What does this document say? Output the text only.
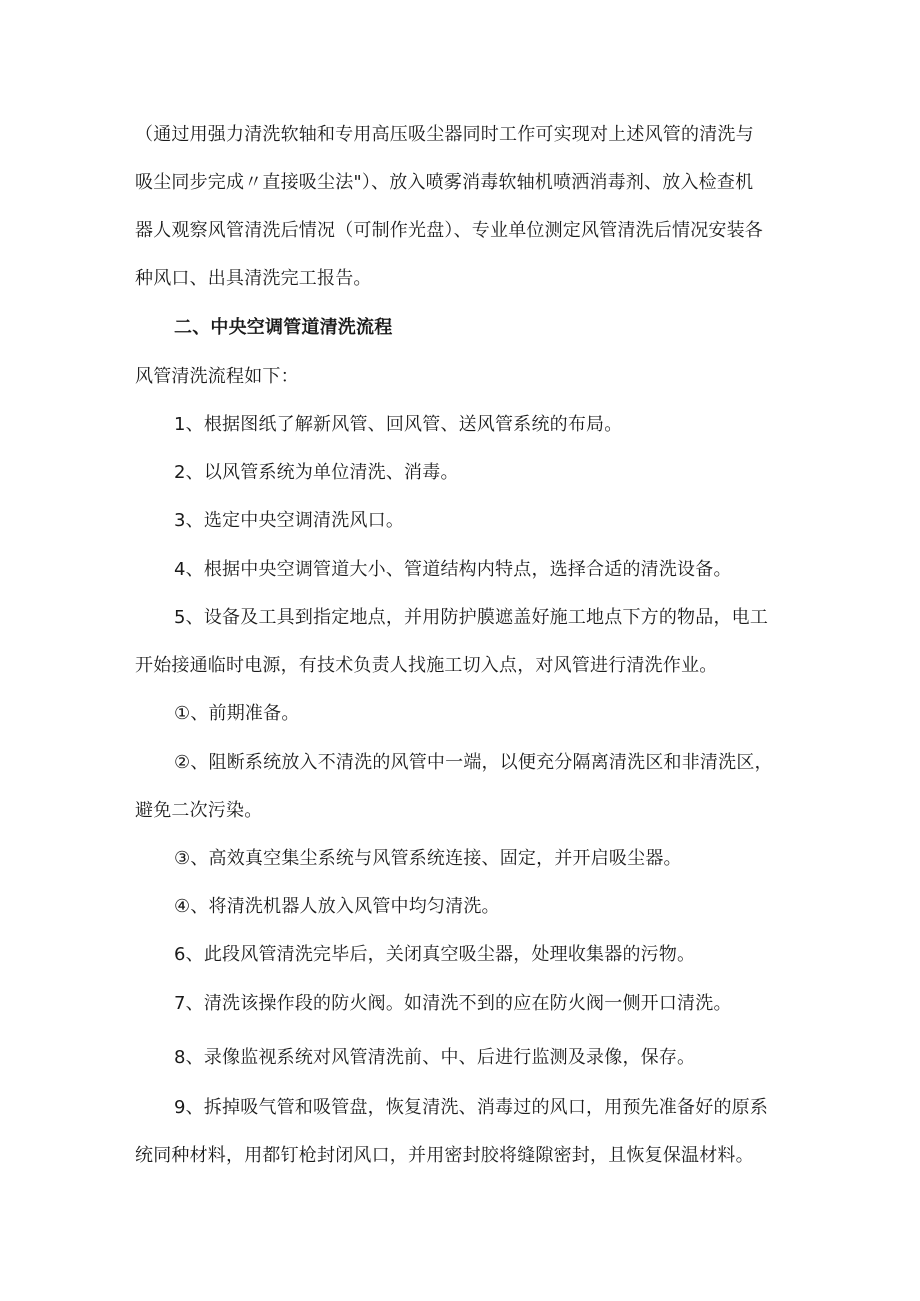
（通过用强力清洗软轴和专用高压吸尘器同时工作可实现对上述风管的清洗与
吸尘同步完成〃直接吸尘法"）、放入喷雾消毒软轴机喷洒消毒剂、放入检查机
器人观察风管清洗后情况（可制作光盘）、专业单位测定风管清洗后情况安装各
种风口、出具清洗完工报告。
二、中央空调管道清洗流程
风管清洗流程如下：
1、根据图纸了解新风管、回风管、送风管系统的布局。
2、以风管系统为单位清洗、消毒。
3、选定中央空调清洗风口。
4、根据中央空调管道大小、管道结构内特点，选择合适的清洗设备。
5、设备及工具到指定地点，并用防护膜遮盖好施工地点下方的物品，电工
开始接通临时电源，有技术负责人找施工切入点，对风管进行清洗作业。
①、前期准备。
②、阻断系统放入不清洗的风管中一端，以便充分隔离清洗区和非清洗区，
避免二次污染。
③、高效真空集尘系统与风管系统连接、固定，并开启吸尘器。
④、将清洗机器人放入风管中均匀清洗。
6、此段风管清洗完毕后，关闭真空吸尘器，处理收集器的污物。
7、清洗该操作段的防火阀。如清洗不到的应在防火阀一侧开口清洗。
8、录像监视系统对风管清洗前、中、后进行监测及录像，保存。
9、拆掉吸气管和吸管盘，恢复清洗、消毒过的风口，用预先准备好的原系
统同种材料，用都钉枪封闭风口，并用密封胶将缝隙密封，且恢复保温材料。
